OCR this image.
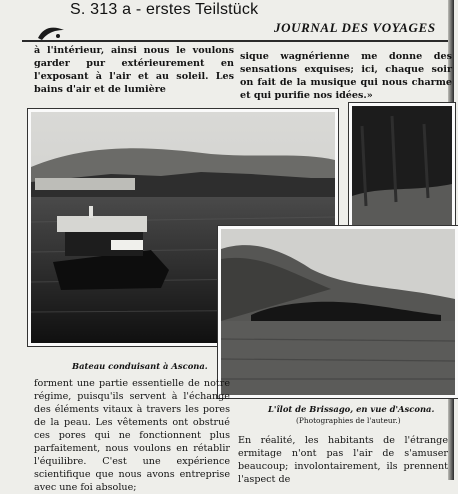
S. 313 a - erstes Teilstück
JOURNAL DES VOYAGES
à l'intérieur, ainsi nous le voulons garder pur extérieurement en l'exposant à l'air et au soleil. Les bains d'air et de lumière
sique wagnérienne me donne des sensations exquises; ici, chaque soir on fait de la musique qui nous charme et qui purifie nos idées.»
Bateau conduisant à Ascona.
L'îlot de Brissago, en vue d'Ascona.
(Photographies de l'auteur.)
forment une partie essentielle de notre régime, puisqu'ils servent à l'échange des éléments vitaux à travers les pores de la peau. Les vêtements ont obstrué ces pores qui ne fonctionnent plus parfaitement, nous voulons en rétablir l'équilibre. C'est une expérience scientifique que nous avons entreprise avec une foi absolue;
En réalité, les habitants de l'étrange ermitage n'ont pas l'air de s'amuser beaucoup; involontairement, ils prennent l'aspect de
